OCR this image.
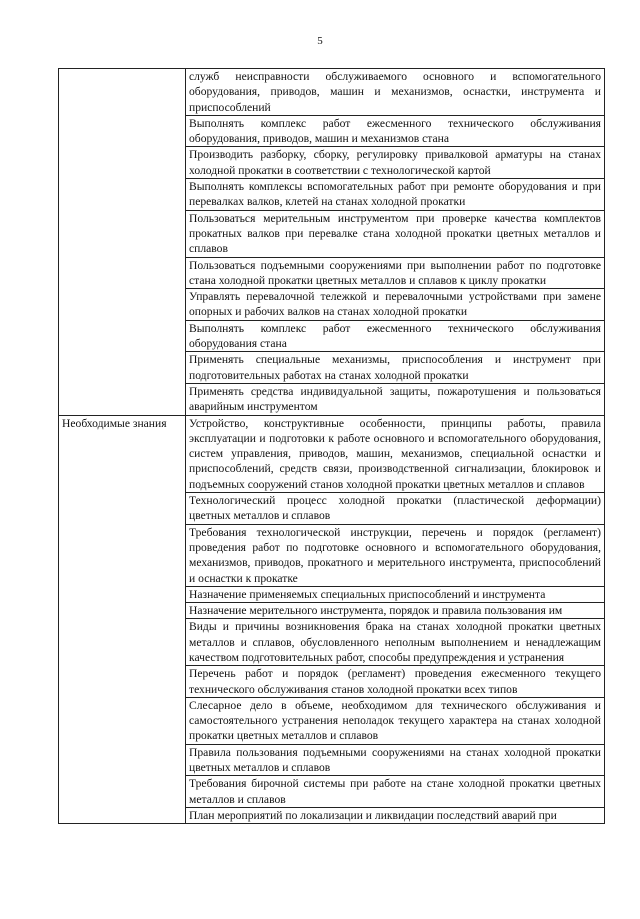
5
	служб неисправности обслуживаемого основного и вспомогательного оборудования, приводов, машин и механизмов, оснастки, инструмента и приспособлений
	Выполнять комплекс работ ежесменного технического обслуживания оборудования, приводов, машин и механизмов стана
	Производить разборку, сборку, регулировку привалковой арматуры на станах холодной прокатки в соответствии с технологической картой
	Выполнять комплексы вспомогательных работ при ремонте оборудования и при перевалках валков, клетей на станах холодной прокатки
	Пользоваться мерительным инструментом при проверке качества комплектов прокатных валков при перевалке стана холодной прокатки цветных металлов и сплавов
	Пользоваться подъемными сооружениями при выполнении работ по подготовке стана холодной прокатки цветных металлов и сплавов к циклу прокатки
	Управлять перевалочной тележкой и перевалочными устройствами при замене опорных и рабочих валков на станах холодной прокатки
	Выполнять комплекс работ ежесменного технического обслуживания оборудования стана
	Применять специальные механизмы, приспособления и инструмент при подготовительных работах на станах холодной прокатки
	Применять средства индивидуальной защиты, пожаротушения и пользоваться аварийным инструментом
Необходимые знания	Устройство, конструктивные особенности, принципы работы, правила эксплуатации и подготовки к работе основного и вспомогательного оборудования, систем управления, приводов, машин, механизмов, специальной оснастки и приспособлений, средств связи, производственной сигнализации, блокировок и подъемных сооружений станов холодной прокатки цветных металлов и сплавов
	Технологический процесс холодной прокатки (пластической деформации) цветных металлов и сплавов
	Требования технологической инструкции, перечень и порядок (регламент) проведения работ по подготовке основного и вспомогательного оборудования, механизмов, приводов, прокатного и мерительного инструмента, приспособлений и оснастки к прокатке
	Назначение применяемых специальных приспособлений и инструмента
	Назначение мерительного инструмента, порядок и правила пользования им
	Виды и причины возникновения брака на станах холодной прокатки цветных металлов и сплавов, обусловленного неполным выполнением и ненадлежащим качеством подготовительных работ, способы предупреждения и устранения
	Перечень работ и порядок (регламент) проведения ежесменного текущего технического обслуживания станов холодной прокатки всех типов
	Слесарное дело в объеме, необходимом для технического обслуживания и самостоятельного устранения неполадок текущего характера на станах холодной прокатки цветных металлов и сплавов
	Правила пользования подъемными сооружениями на станах холодной прокатки цветных металлов и сплавов
	Требования бирочной системы при работе на стане холодной прокатки цветных металлов и сплавов
	План мероприятий по локализации и ликвидации последствий аварий при
